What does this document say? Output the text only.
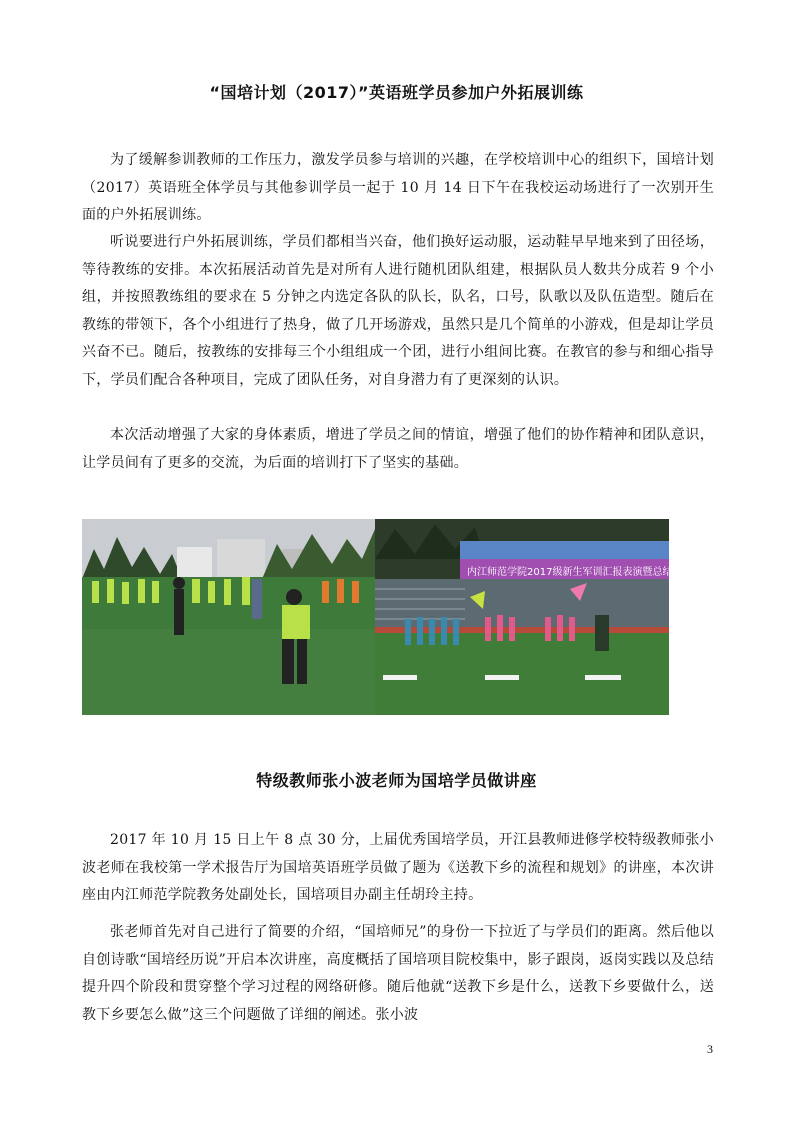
“国培计划（2017）”英语班学员参加户外拓展训练

为了缓解参训教师的工作压力，激发学员参与培训的兴趣，在学校培训中心的组织下，国培计划（2017）英语班全体学员与其他参训学员一起于 10 月 14 日下午在我校运动场进行了一次别开生面的户外拓展训练。

听说要进行户外拓展训练，学员们都相当兴奋，他们换好运动服，运动鞋早早地来到了田径场，等待教练的安排。本次拓展活动首先是对所有人进行随机团队组建，根据队员人数共分成若 9 个小组，并按照教练组的要求在 5 分钟之内选定各队的队长，队名，口号，队歌以及队伍造型。随后在教练的带领下，各个小组进行了热身，做了几开场游戏，虽然只是几个简单的小游戏，但是却让学员兴奋不已。随后，按教练的安排每三个小组组成一个团，进行小组间比赛。在教官的参与和细心指导下，学员们配合各种项目，完成了团队任务，对自身潜力有了更深刻的认识。

本次活动增强了大家的身体素质，增进了学员之间的情谊，增强了他们的协作精神和团队意识，让学员间有了更多的交流，为后面的培训打下了坚实的基础。

内江师范学院2017级新生军训汇报表演暨总结表彰
特级教师张小波老师为国培学员做讲座

2017 年 10 月 15 日上午 8 点 30 分，上届优秀国培学员，开江县教师进修学校特级教师张小波老师在我校第一学术报告厅为国培英语班学员做了题为《送教下乡的流程和规划》的讲座，本次讲座由内江师范学院教务处副处长，国培项目办副主任胡玲主持。

张老师首先对自己进行了简要的介绍，“国培师兄”的身份一下拉近了与学员们的距离。然后他以自创诗歌“国培经历说”开启本次讲座，高度概括了国培项目院校集中，影子跟岗，返岗实践以及总结提升四个阶段和贯穿整个学习过程的网络研修。随后他就“送教下乡是什么，送教下乡要做什么，送教下乡要怎么做”这三个问题做了详细的阐述。张小波

3
